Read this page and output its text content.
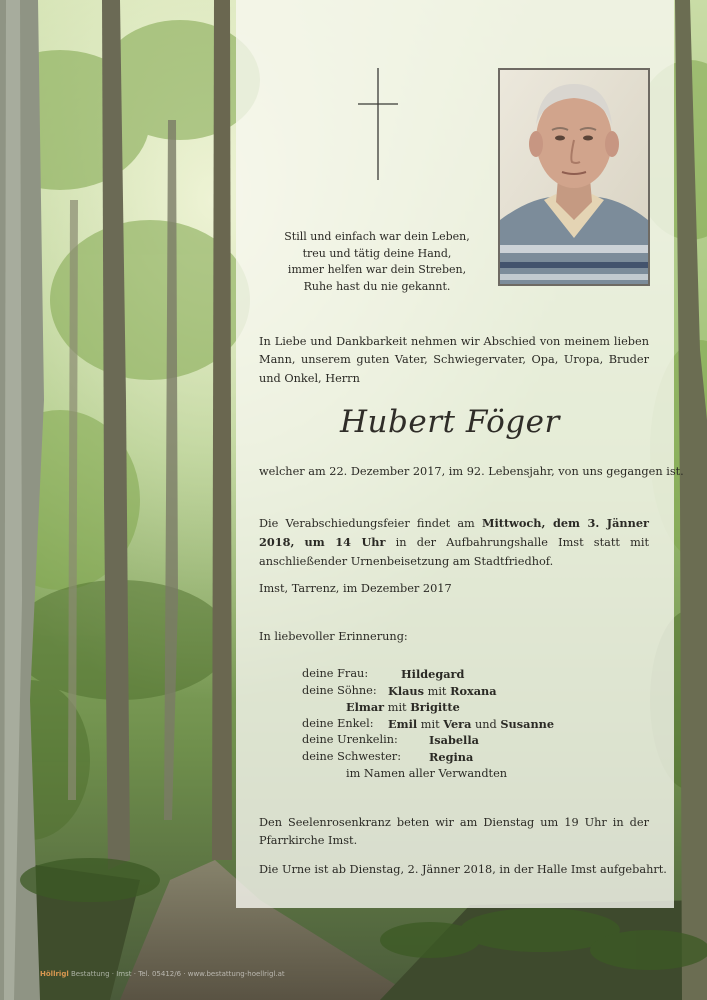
Still und einfach war dein Leben,
treu und tätig deine Hand,
immer helfen war dein Streben,
Ruhe hast du nie gekannt.
In Liebe und Dankbarkeit nehmen wir Abschied von meinem lieben Mann, unserem guten Vater, Schwiegervater, Opa, Uropa, Bruder und Onkel, Herrn
Hubert Föger
welcher am 22. Dezember 2017, im 92. Lebensjahr, von uns gegangen ist.
Die Verabschiedungsfeier findet am Mittwoch, dem 3. Jänner 2018, um 14 Uhr in der Aufbahrungshalle Imst statt mit anschließender Urnenbeisetzung am Stadtfriedhof.
Imst, Tarrenz, im Dezember 2017
In liebevoller Erinnerung:
deine Frau:	Hildegard
deine Söhne: Klaus mit Roxana
Elmar mit Brigitte
deine Enkel: Emil mit Vera und Susanne
deine Urenkelin:	Isabella
deine Schwester: Regina
im Namen aller Verwandten
Den Seelenrosenkranz beten wir am Dienstag um 19 Uhr in der Pfarrkirche Imst.
Die Urne ist ab Dienstag, 2. Jänner 2018, in der Halle Imst aufgebahrt.
Höllrigl Bestattung · Imst · Tel. 05412/6 · www.bestattung-hoellrigl.at
